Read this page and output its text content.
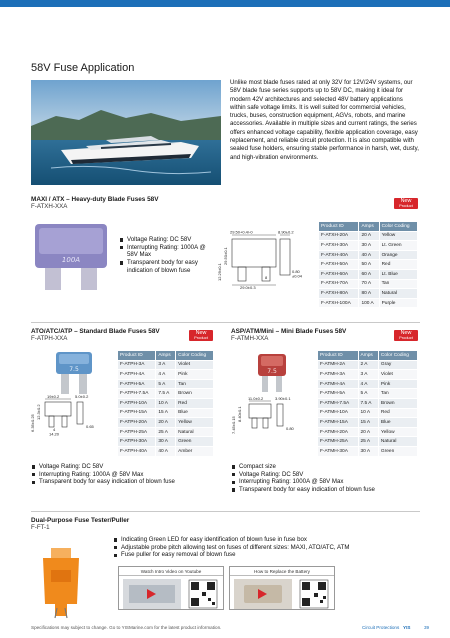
58V Fuse Application
Unlike most blade fuses rated at only 32V for 12V/24V systems, our 58V blade fuse series supports up to 58V DC, making it ideal for modern 42V architectures and selected 48V battery applications within safe voltage limits. It is well suited for commercial vehicles, trucks, buses, construction equipment, AGVs, robots, and marine accessories. Available in multiple sizes and current ratings, the series offers enhanced voltage capability, flexible application coverage, easy replacement, and reliable circuit protection. It is also compatible with sealed fuse holders, ensuring stable performance in harsh, wet, dusty, and high-vibration environments.
MAXI / ATX – Heavy-duty Blade Fuses 58V
F-ATXH-XXA
New
Product
100A
Voltage Rating: DC 58V
Interrupting Rating: 1000A @ 58V Max
Transparent body for easy indication of blown fuse
29.50+0.4/-0	8.90±0.2
12.29±0.1
29.50±0.1
29.0±0.3
8
0.80
±0.04
Product ID	Amps	Color Coding
F-ATXH-20A	20 A	Yellow
F-ATXH-30A	30 A	Lt. Green
F-ATXH-40A	40 A	Orange
F-ATXH-50A	50 A	Red
F-ATXH-60A	60 A	Lt. Blue
F-ATXH-70A	70 A	Tan
F-ATXH-80A	80 A	Natural
F-ATXH-100A	100 A	Purple
ATO/ATC/ATP – Standard Blade Fuses 58V
F-ATPH-XXA
New
Product
7.5
19±0.2	5.0±0.2
6.35±0.25
12.3±0.2
4
14.20
0.65
Product ID	Amps	Color Coding
F-ATPH-3A	3 A	Violet
F-ATPH-4A	4 A	Pink
F-ATPH-5A	5 A	Tan
F-ATPH-7.5A	7.5 A	Brown
F-ATPH-10A	10 A	Red
F-ATPH-15A	15 A	Blue
F-ATPH-20A	20 A	Yellow
F-ATPH-25A	25 A	Natural
F-ATPH-30A	30 A	Green
F-ATPH-40A	40 A	Amber
Voltage Rating: DC 58V
Interrupting Rating: 1000A @ 58V Max
Transparent body for easy indication of blown fuse
ASP/ATM/Mini – Mini Blade Fuses 58V
F-ATMH-XXA
New
Product
7.5
11.0±0.2	3.90±0.1
7.45±0.15
8.40±0.1
0.80
Product ID	Amps	Color Coding
F-ATMH-2A	2 A	Gray
F-ATMH-3A	3 A	Violet
F-ATMH-4A	4 A	Pink
F-ATMH-5A	5 A	Tan
F-ATMH-7.5A	7.5 A	Brown
F-ATMH-10A	10 A	Red
F-ATMH-15A	15 A	Blue
F-ATMH-20A	20 A	Yellow
F-ATMH-25A	25 A	Natural
F-ATMH-30A	30 A	Green
Compact size
Voltage Rating: DC 58V
Interrupting Rating: 1000A @ 58V Max
Transparent body for easy indication of blown fuse
Dual-Purpose Fuse Tester/Puller
F-FT-1
Indicating Green LED for easy identification of blown fuse in fuse box
Adjustable probe pitch allowing test on fuses of different sizes: MAXI, ATO/ATC, ATM
Fuse puller for easy removal of blown fuse
Watch Intro Video on Youtube	How to Replace the Battery
Specifications may subject to change. Go to YISMarine.com for the latest product information.	Circuit Protections YIS	39
